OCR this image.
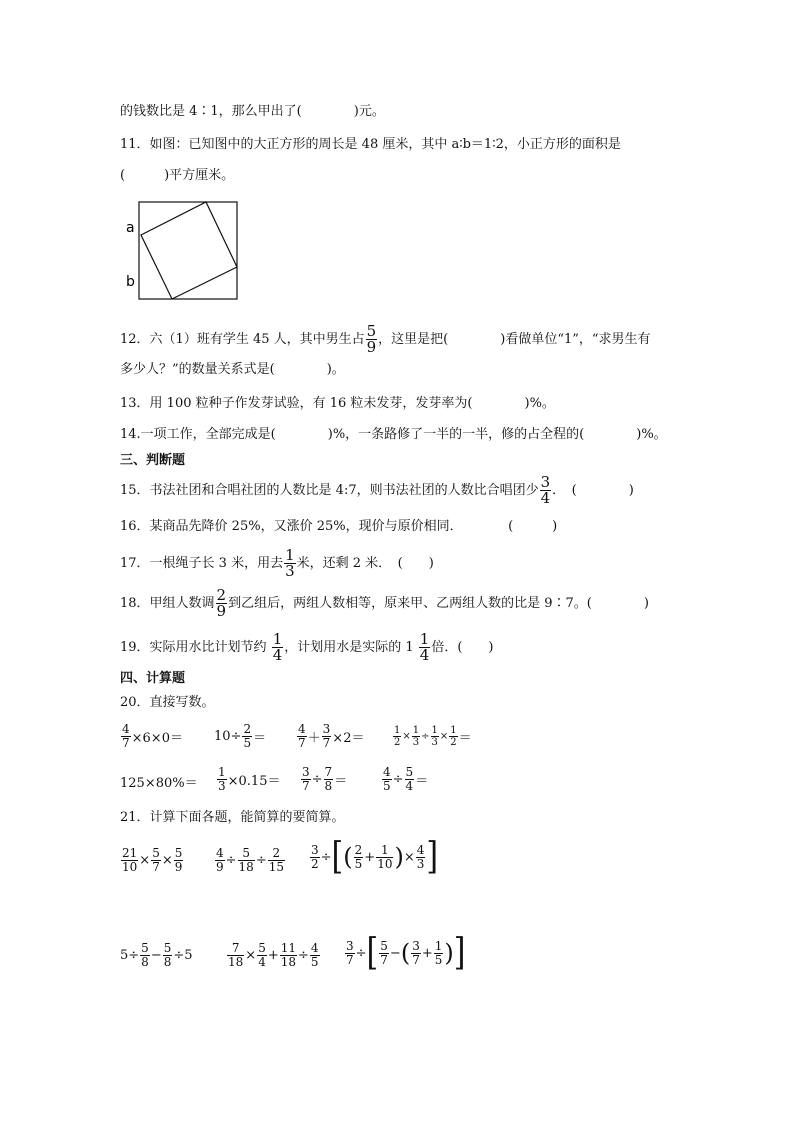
的钱数比是 4∶1，那么甲出了(　　　　)元。
11．如图：已知图中的大正方形的周长是 48 厘米，其中 a∶b＝1∶2，小正方形的面积是
(　　　)平方厘米。
a
b
12．六（1）班有学生 45 人，其中男生占 $\frac{5}{9}$ ，这里是把(　　　　)看做单位“1”，“求男生有
多少人？”的数量关系式是(　　　　)。
13．用 100 粒种子作发芽试验，有 16 粒未发芽，发芽率为(　　　　)%。
14.一项工作，全部完成是(　　　　)%，一条路修了一半的一半，修的占全程的(　　　　)%。
三、判断题
15．书法社团和合唱社团的人数比是 4:7，则书法社团的人数比合唱团少 $\frac{3}{4}$ ．　(　　　　)
16．某商品先降价 25%，又涨价 25%，现价与原价相同．　　　　(　　　)
17．一根绳子长 3 米，用去 $\frac{1}{3}$ 米，还剩 2 米．　(　　)
18．甲组人数调 $\frac{2}{9}$ 到乙组后，两组人数相等，原来甲、乙两组人数的比是 9∶7。(　　　　)
19．实际用水比计划节约 $\frac{1}{4}$ ，计划用水是实际的 $1 \frac{1}{4}$ 倍．(　　)
四、计算题
20．直接写数。
$\frac{4}{7} \times 6\times 0= 10\div \frac{2}{5}$ ＝	$\frac{4}{7} + \frac{3}{7} \times 2=$	$\frac{1}{2} \times \frac{1}{3} \div \frac{1}{3} \times \frac{1}{2}$ ＝
$125\times 80\%= \frac{1}{3} \times 0.15= \frac{3}{7} \div \frac{7}{8}$ ＝	$\frac{4}{5} \div \frac{5}{4}$ ＝
21．计算下面各题，能简算的要简算。
$\frac{21}{10} \times \frac{5}{7} \times \frac{5}{9}$	$\frac{4}{9} \div \frac{5}{18} \div \frac{2}{15} \frac{3}{2}$ ÷[( $\frac{2}{5} + \frac{1}{10}$ )× $\frac{4}{3}$ ]
$5\div \frac{5}{8} - \frac{5}{8} \div 5$	$\frac{7}{18} \times \frac{5}{4} + \frac{11}{18} \div \frac{4}{5} \frac{3}{7}$ ÷[ $\frac{5}{7}$ −( $\frac{3}{7} + \frac{1}{5}$ )]
